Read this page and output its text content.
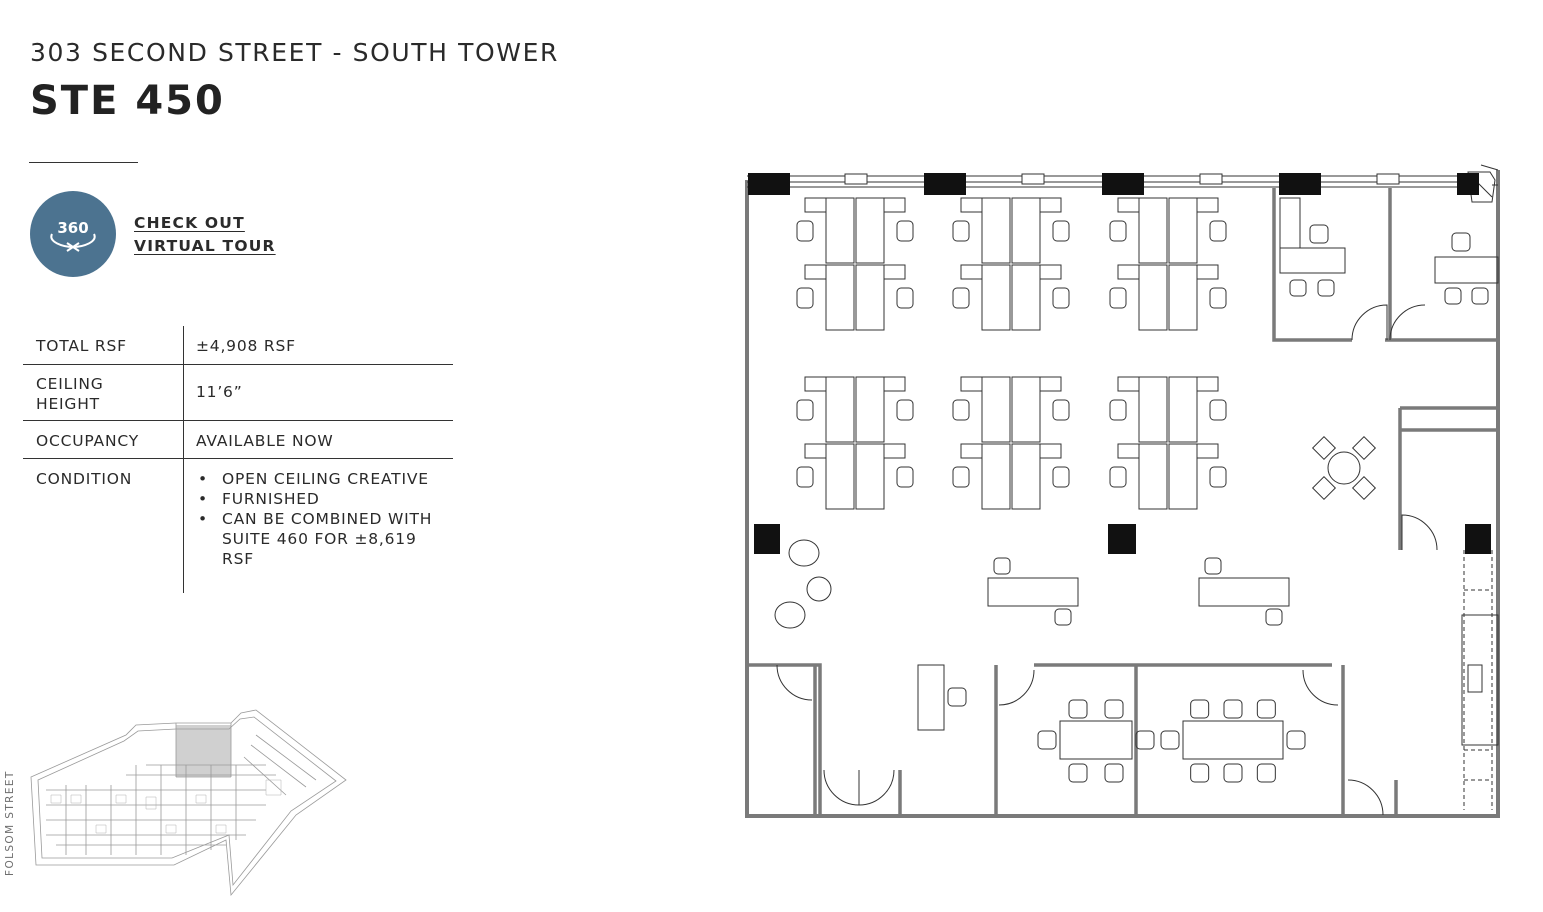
303 SECOND STREET - SOUTH TOWER
STE 450
360	CHECK OUT
VIRTUAL TOUR
TOTAL RSF	±4,908 RSF
CEILING HEIGHT
11’6”
OCCUPANCY	AVAILABLE NOW
CONDITION
•	OPEN CEILING CREATIVE
• FURNISHED
• CAN BE COMBINED WITH SUITE 460 FOR ±8,619 RSF
FOLSOM STREET
